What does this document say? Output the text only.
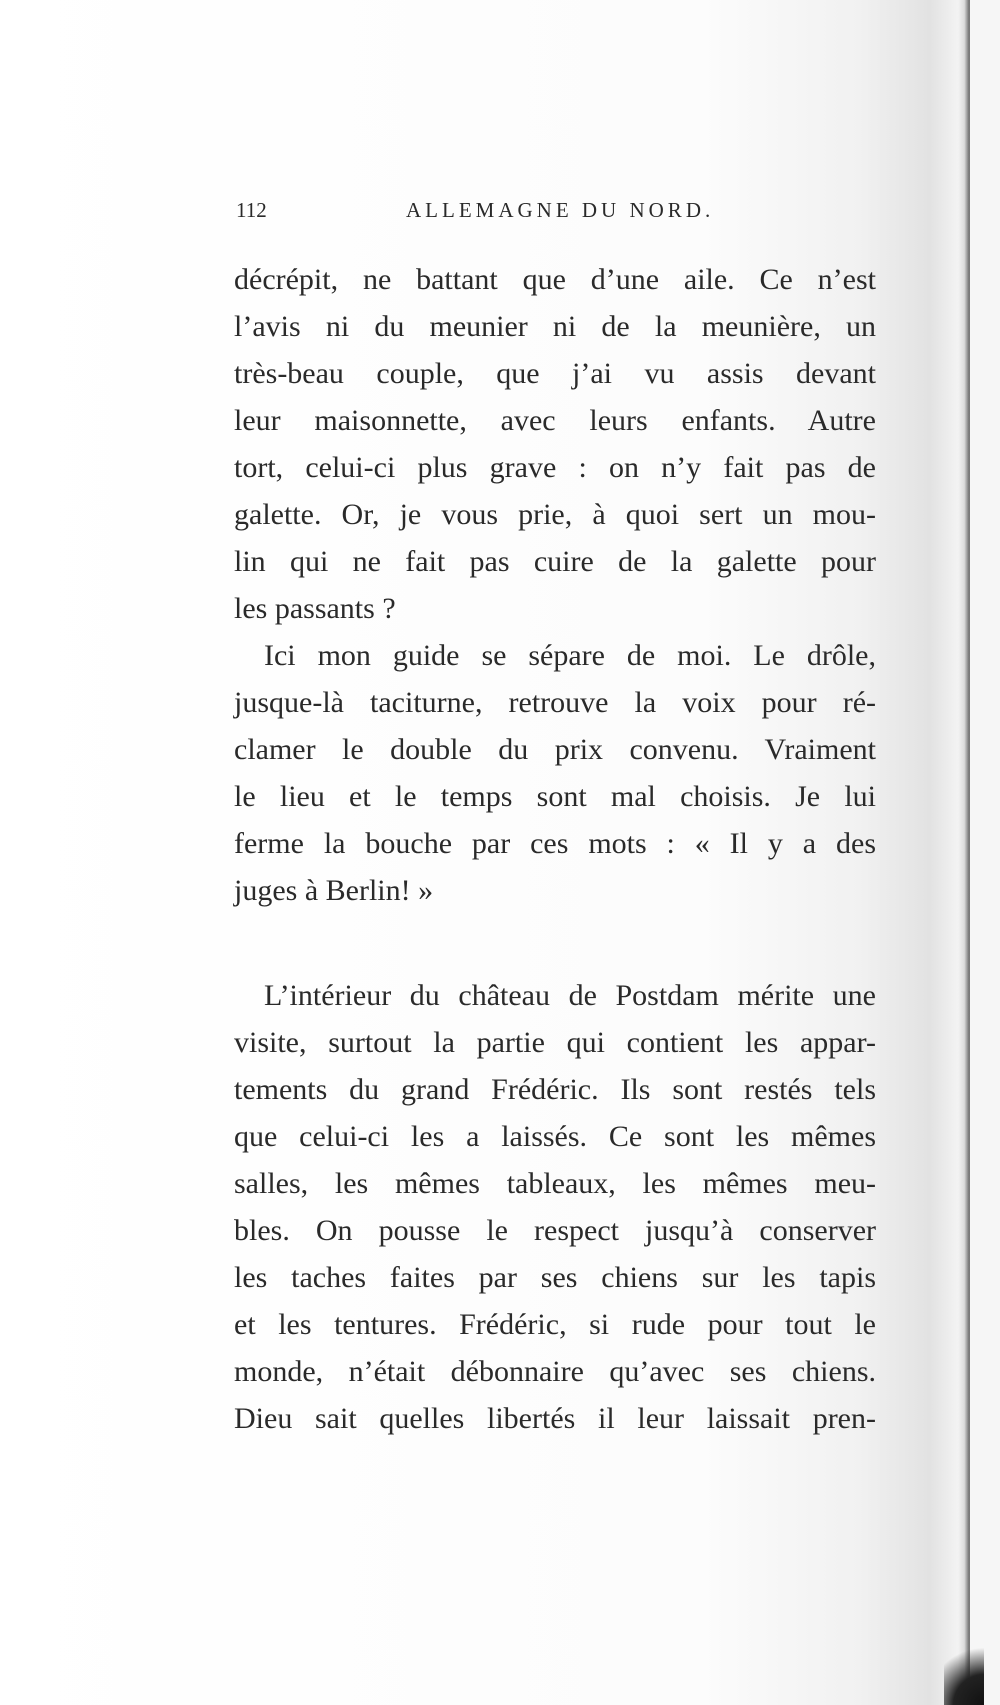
112	ALLEMAGNE DU NORD.
décrépit, ne battant que d’une aile. Ce n’est
l’avis ni du meunier ni de la meunière, un
très-beau couple, que j’ai vu assis devant
leur maisonnette, avec leurs enfants. Autre
tort, celui-ci plus grave : on n’y fait pas de
galette. Or, je vous prie, à quoi sert un mou-
lin qui ne fait pas cuire de la galette pour
les passants ?
Ici mon guide se sépare de moi. Le drôle,
jusque-là taciturne, retrouve la voix pour ré-
clamer le double du prix convenu. Vraiment
le lieu et le temps sont mal choisis. Je lui
ferme la bouche par ces mots : « Il y a des
juges à Berlin! »
L’intérieur du château de Postdam mérite une
visite, surtout la partie qui contient les appar-
tements du grand Frédéric. Ils sont restés tels
que celui-ci les a laissés. Ce sont les mêmes
salles, les mêmes tableaux, les mêmes meu-
bles. On pousse le respect jusqu’à conserver
les taches faites par ses chiens sur les tapis
et les tentures. Frédéric, si rude pour tout le
monde, n’était débonnaire qu’avec ses chiens.
Dieu sait quelles libertés il leur laissait pren-
